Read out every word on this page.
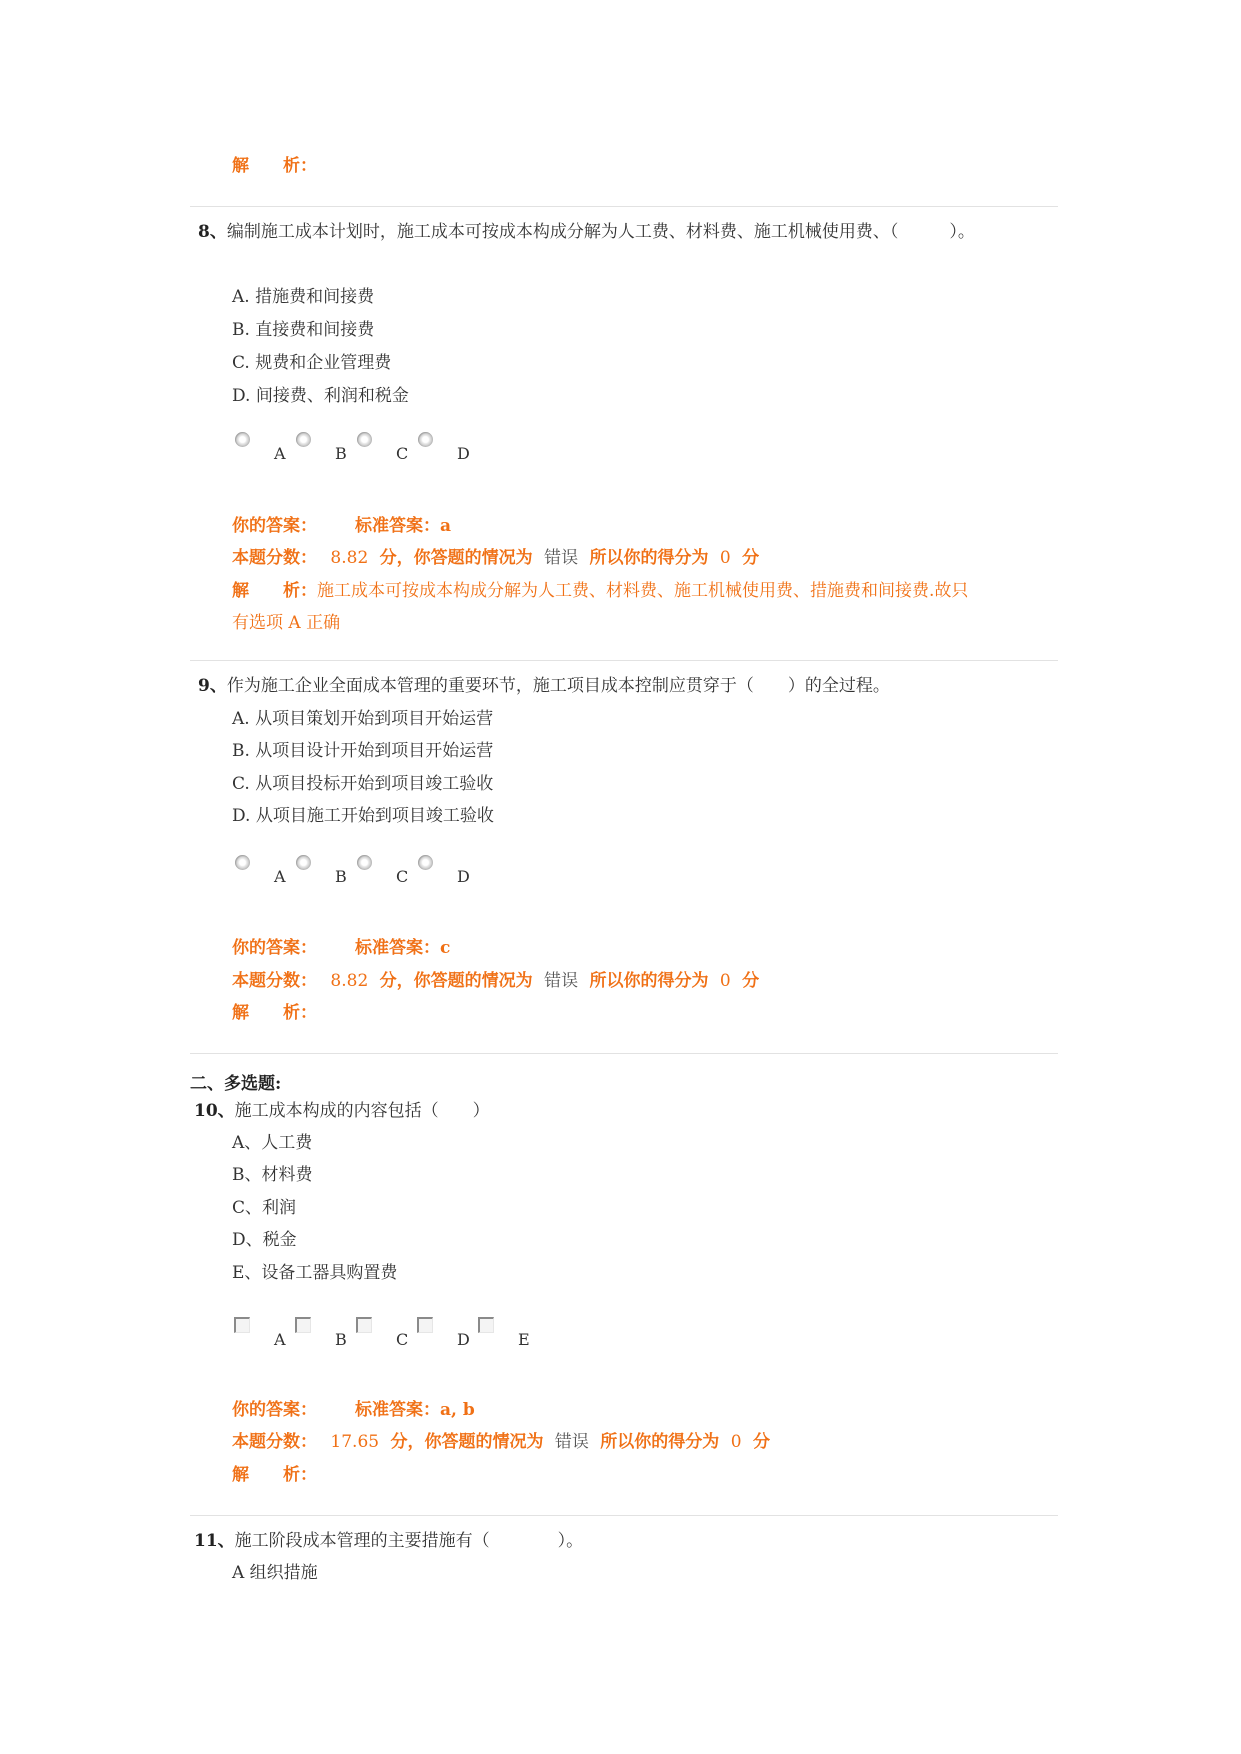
解　　析：
8、编制施工成本计划时，施工成本可按成本构成分解为人工费、材料费、施工机械使用费、（　　　）。
A. 措施费和间接费
B. 直接费和间接费
C. 规费和企业管理费
D. 间接费、利润和税金
A	B	C	D
你的答案： 标准答案：a
本题分数： 8.82 分，你答题的情况为 错误 所以你的得分为 0 分
解　　析：施工成本可按成本构成分解为人工费、材料费、施工机械使用费、措施费和间接费.故只
有选项 A 正确
9、作为施工企业全面成本管理的重要环节，施工项目成本控制应贯穿于（　　）的全过程。
A. 从项目策划开始到项目开始运营
B. 从项目设计开始到项目开始运营
C. 从项目投标开始到项目竣工验收
D. 从项目施工开始到项目竣工验收
A	B	C	D
你的答案： 标准答案：c
本题分数： 8.82 分，你答题的情况为 错误 所以你的得分为 0 分
解　　析：
二、多选题:
10、施工成本构成的内容包括（　　）
A、人工费
B、材料费
C、利润
D、税金
E、设备工器具购置费
A	B	C	D	E
你的答案： 标准答案：a, b
本题分数： 17.65 分，你答题的情况为 错误 所以你的得分为 0 分
解　　析：
11、施工阶段成本管理的主要措施有（　　　　）。
A 组织措施
